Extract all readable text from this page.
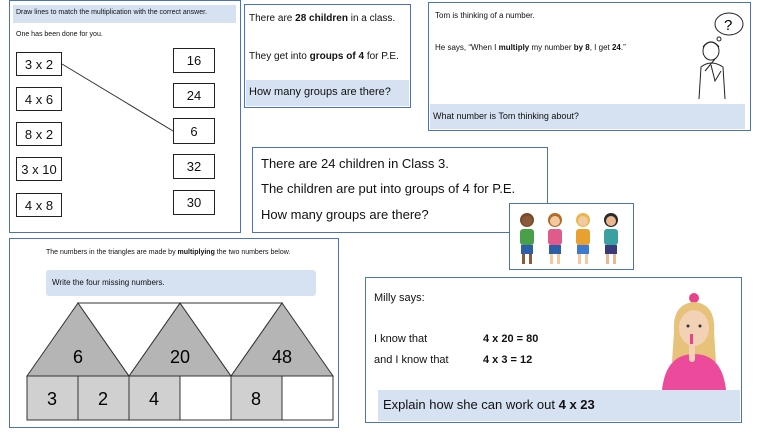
Draw lines to match the multiplication with the correct answer.
One has been done for you.
3 x 2
4 x 6
8 x 2
3 x 10
4 x 8
16
24
6
32
30
There are 28 children in a class.
They get into groups of 4 for P.E.
How many groups are there?
Tom is thinking of a number.
He says, “When I multiply my number by 8, I get 24.”
?
What number is Tom thinking about?
There are 24 children in Class 3.
The children are put into groups of 4 for P.E.
How many groups are there?
The numbers in the triangles are made by multiplying the two numbers below.
Write the four missing numbers.
6	20	48
3 2 4	8
Milly says:
I know that	4 x 20 = 80
and I know that	4 x 3 = 12
Explain how she can work out 4 x 23
